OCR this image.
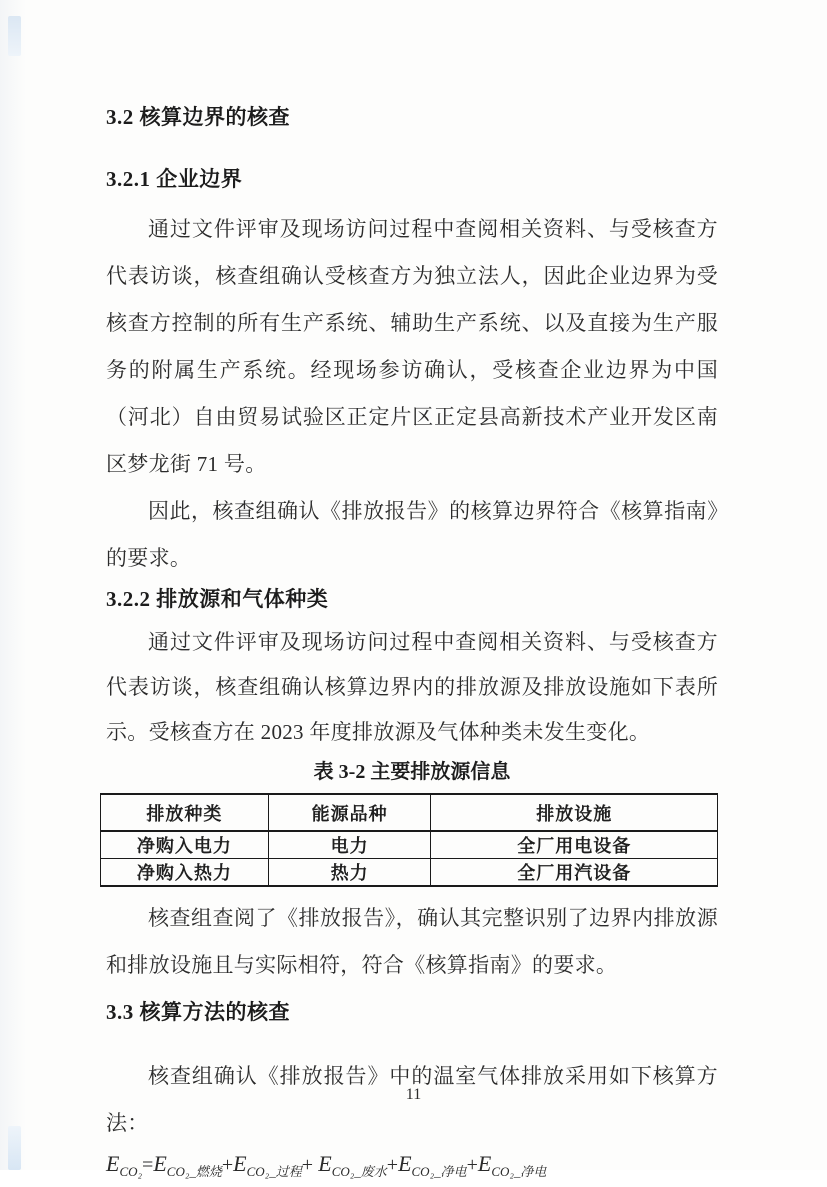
3.2 核算边界的核查
3.2.1 企业边界

通过文件评审及现场访问过程中查阅相关资料、与受核查方代表访谈，核查组确认受核查方为独立法人，因此企业边界为受核查方控制的所有生产系统、辅助生产系统、以及直接为生产服务的附属生产系统。经现场参访确认，受核查企业边界为中国（河北）自由贸易试验区正定片区正定县高新技术产业开发区南区梦龙街 71 号。

因此，核查组确认《排放报告》的核算边界符合《核算指南》的要求。

3.2.2 排放源和气体种类

通过文件评审及现场访问过程中查阅相关资料、与受核查方代表访谈，核查组确认核算边界内的排放源及排放设施如下表所示。受核查方在 2023 年度排放源及气体种类未发生变化。

表 3-2 主要排放源信息
排放种类	能源品种	排放设施
净购入电力	电力	全厂用电设备
净购入热力	热力	全厂用汽设备

核查组查阅了《排放报告》，确认其完整识别了边界内排放源和排放设施且与实际相符，符合《核算指南》的要求。

3.3 核算方法的核查

核查组确认《排放报告》中的温室气体排放采用如下核算方法：

$E_{CO_2}=E_{CO_2\_燃烧}+E_{CO_2\_过程}+ E_{CO_2\_废水}+E_{CO_2\_净电}+E_{CO_2\_净电}$
11
